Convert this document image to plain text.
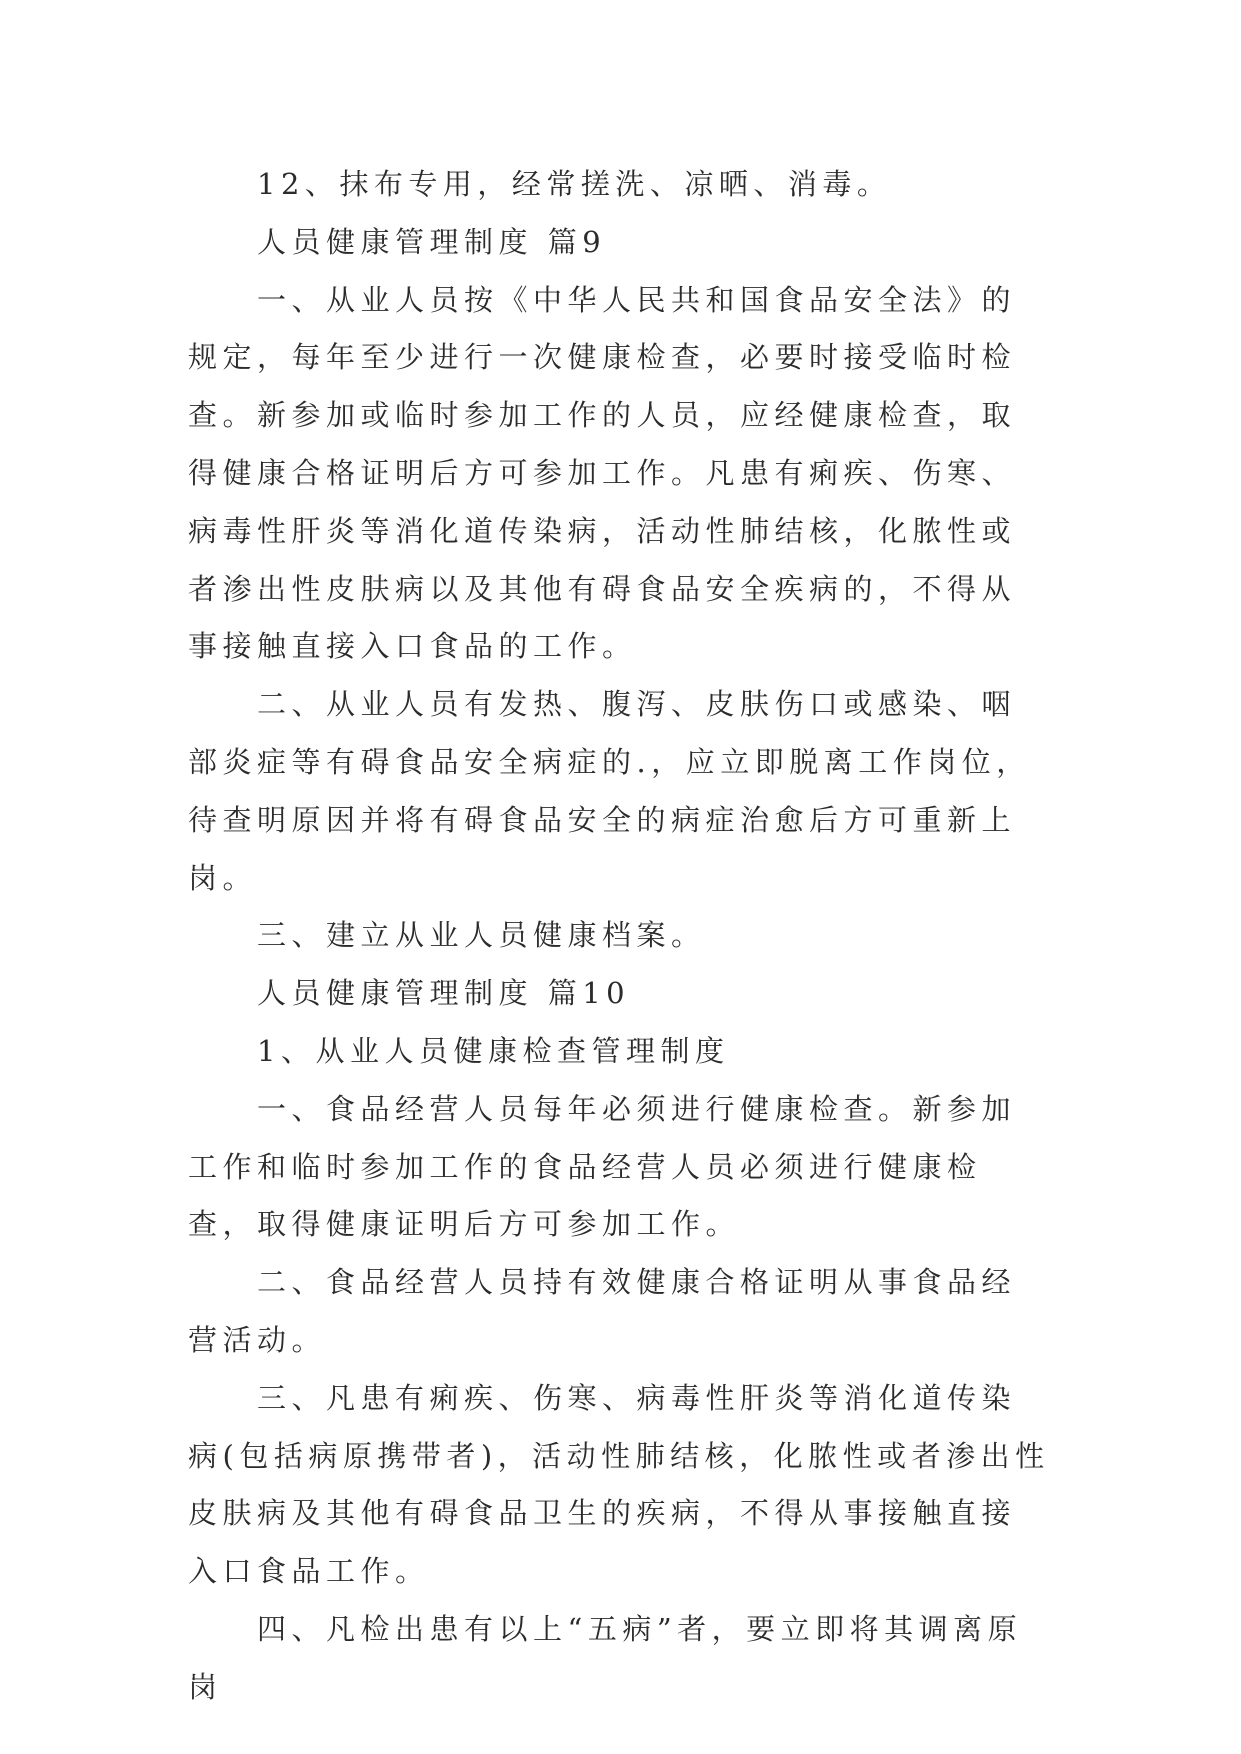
12、抹布专用，经常搓洗、凉晒、消毒。

人员健康管理制度 篇9

一、从业人员按《中华人民共和国食品安全法》的规定，每年至少进行一次健康检查，必要时接受临时检查。新参加或临时参加工作的人员，应经健康检查，取得健康合格证明后方可参加工作。凡患有痢疾、伤寒、病毒性肝炎等消化道传染病，活动性肺结核，化脓性或者渗出性皮肤病以及其他有碍食品安全疾病的，不得从事接触直接入口食品的工作。

二、从业人员有发热、腹泻、皮肤伤口或感染、咽部炎症等有碍食品安全病症的.，应立即脱离工作岗位，待查明原因并将有碍食品安全的病症治愈后方可重新上岗。

三、建立从业人员健康档案。

人员健康管理制度 篇10

1、从业人员健康检查管理制度

一、食品经营人员每年必须进行健康检查。新参加工作和临时参加工作的食品经营人员必须进行健康检查，取得健康证明后方可参加工作。

二、食品经营人员持有效健康合格证明从事食品经营活动。

三、凡患有痢疾、伤寒、病毒性肝炎等消化道传染病(包括病原携带者)，活动性肺结核，化脓性或者渗出性皮肤病及其他有碍食品卫生的疾病，不得从事接触直接入口食品工作。

四、凡检出患有以上“五病”者，要立即将其调离原岗
